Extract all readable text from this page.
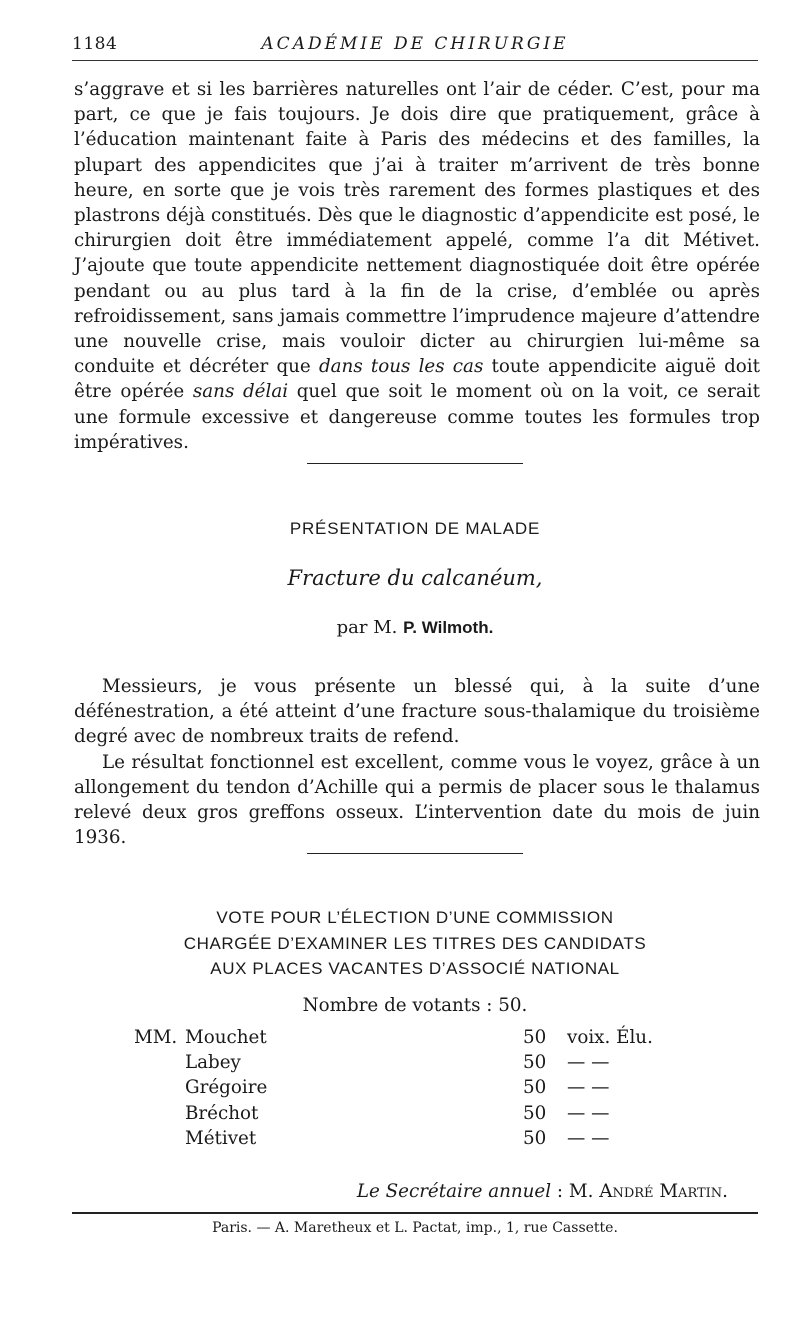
1184	ACADÉMIE DE CHIRURGIE

s’aggrave et si les barrières naturelles ont l’air de céder. C’est, pour ma part, ce que je fais toujours. Je dois dire que pratiquement, grâce à l’éducation maintenant faite à Paris des médecins et des familles, la plupart des appendicites que j’ai à traiter m’arrivent de très bonne heure, en sorte que je vois très rarement des formes plastiques et des plastrons déjà constitués. Dès que le diagnostic d’appendicite est posé, le chirurgien doit être immédiatement appelé, comme l’a dit Métivet. J’ajoute que toute appendicite nettement diagnostiquée doit être opérée pendant ou au plus tard à la fin de la crise, d’emblée ou après refroidissement, sans jamais commettre l’imprudence majeure d’attendre une nouvelle crise, mais vouloir dicter au chirurgien lui-même sa conduite et décréter que dans tous les cas toute appendicite aiguë doit être opérée sans délai quel que soit le moment où on la voit, ce serait une formule excessive et dangereuse comme toutes les formules trop impératives.

PRÉSENTATION DE MALADE
Fracture du calcanéum,
par M. P. Wilmoth.

Messieurs, je vous présente un blessé qui, à la suite d’une défénestration, a été atteint d’une fracture sous-thalamique du troisième degré avec de nombreux traits de refend.

Le résultat fonctionnel est excellent, comme vous le voyez, grâce à un allongement du tendon d’Achille qui a permis de placer sous le thalamus relevé deux gros greffons osseux. L’intervention date du mois de juin 1936.

VOTE POUR L’ÉLECTION D’UNE COMMISSION
CHARGÉE D’EXAMINER LES TITRES DES CANDIDATS
AUX PLACES VACANTES D’ASSOCIÉ NATIONAL
Nombre de votants : 50.
MM. Mouchet	50 voix. Élu.
Labey	50 — —
Grégoire	50 — —
Bréchot	50 — —
Métivet	50 — —
Le Secrétaire annuel : M. André Martin.
Paris. — A. Maretheux et L. Pactat, imp., 1, rue Cassette.
